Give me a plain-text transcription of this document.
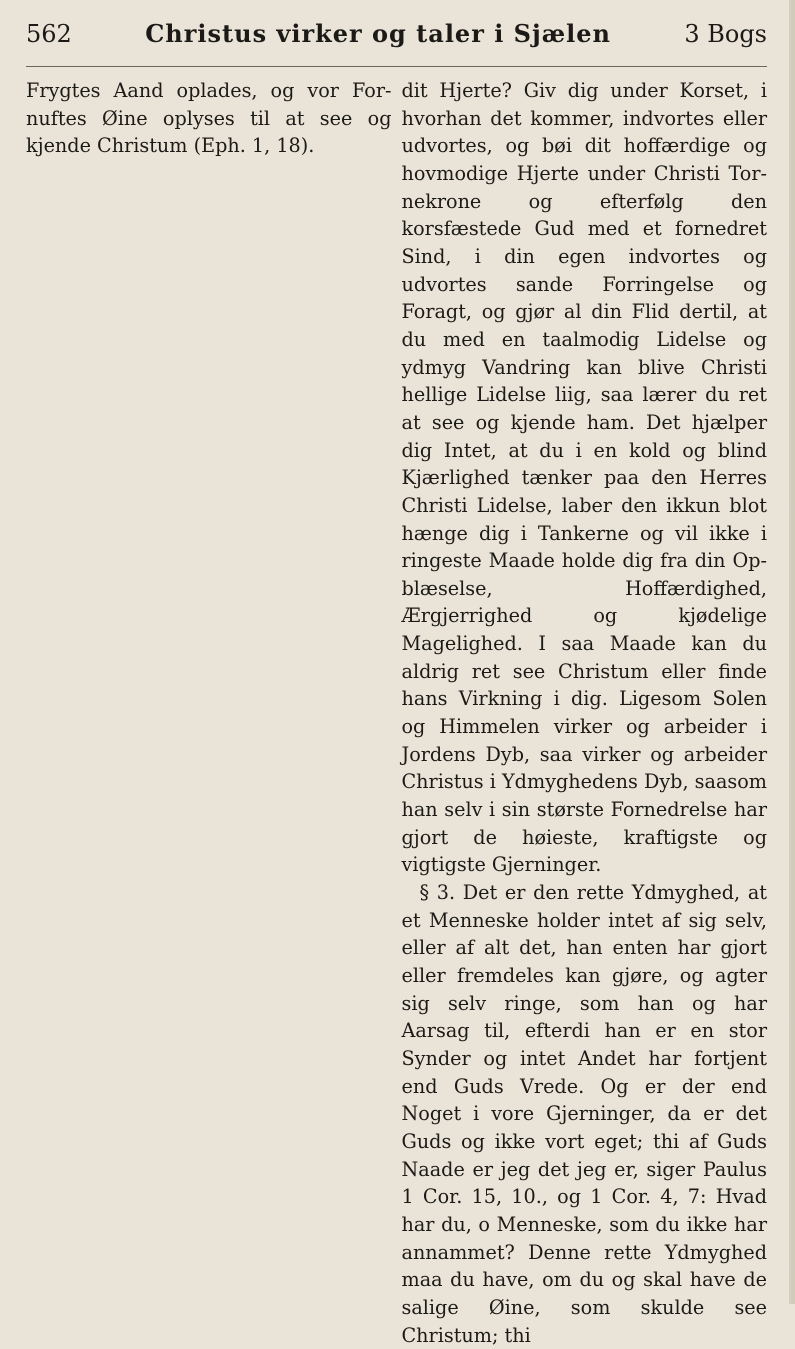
562	Christus virker og taler i Sjælen	3 Bogs

Frygtes Aand oplades, og vor Fornuftes Øine oplyses til at see og kjende Christum (Eph. 1, 18).

dit Hjerte? Giv dig under Korset, i hvorhan det kommer, indvortes eller udvortes, og bøi dit hoffærdige og hovmodige Hjerte under Christi Tornekrone og efterfølg den korsfæstede Gud med et fornedret Sind, i din egen indvortes og udvortes sande Forringelse og Foragt, og gjør al din Flid dertil, at du med en taalmodig Lidelse og ydmyg Vandring kan blive Christi hellige Lidelse liig, saa lærer du ret at see og kjende ham. Det hjælper dig Intet, at du i en kold og blind Kjærlighed tænker paa den Herres Christi Lidelse, laber den ikkun blot hænge dig i Tankerne og vil ikke i ringeste Maade holde dig fra din Opblæselse, Hoffærdighed, Ærgjerrighed og kjødelige Magelighed. I saa Maade kan du aldrig ret see Christum eller finde hans Virkning i dig. Ligesom Solen og Himmelen virker og arbeider i Jordens Dyb, saa virker og arbeider Christus i Ydmyghedens Dyb, saasom han selv i sin største Fornedrelse har gjort de høieste, kraftigste og vigtigste Gjerninger.

§ 3. Det er den rette Ydmyghed, at et Menneske holder intet af sig selv, eller af alt det, han enten har gjort eller fremdeles kan gjøre, og agter sig selv ringe, som han og har Aarsag til, efterdi han er en stor Synder og intet Andet har fortjent end Guds Vrede. Og er der end Noget i vore Gjerninger, da er det Guds og ikke vort eget; thi af Guds Naade er jeg det jeg er, siger Paulus 1 Cor. 15, 10., og 1 Cor. 4, 7: Hvad har du, o Menneske, som du ikke har annammet? Denne rette Ydmyghed maa du have, om du og skal have de salige Øine, som skulde see Christum; thi
